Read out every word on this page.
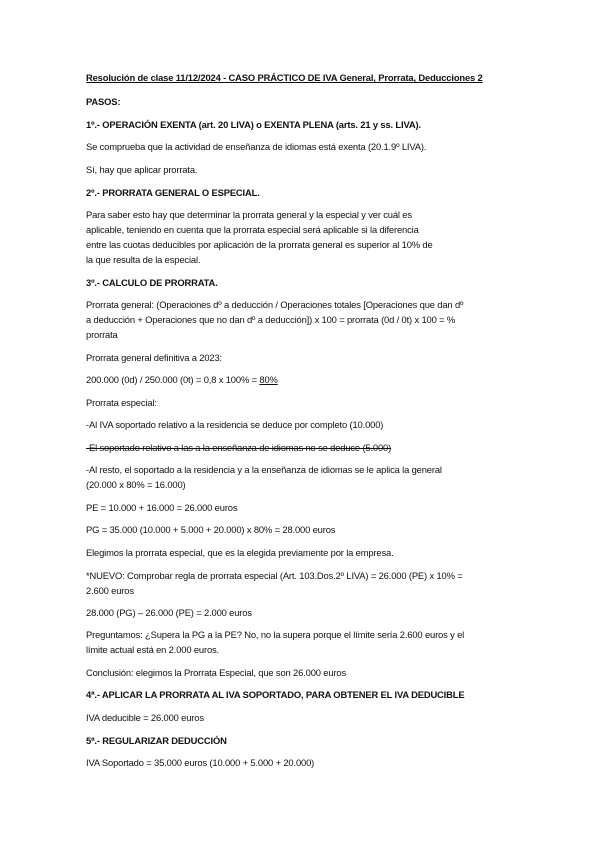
Resolución de clase 11/12/2024 - CASO PRÁCTICO DE IVA General, Prorrata, Deducciones 2

PASOS:

1º.- OPERACIÓN EXENTA (art. 20 LIVA) o EXENTA PLENA (arts. 21 y ss. LIVA).

Se comprueba que la actividad de enseñanza de idiomas está exenta (20.1.9º LIVA).

Sí, hay que aplicar prorrata.

2º.- PRORRATA GENERAL O ESPECIAL.

Para saber esto hay que determinar la prorrata general y la especial y ver cuál es
aplicable, teniendo en cuenta que la prorrata especial será aplicable si la diferencia
entre las cuotas deducibles por aplicación de la prorrata general es superior al 10% de
la que resulta de la especial.

3º.- CALCULO DE PRORRATA.

Prorrata general: (Operaciones dº a deducción / Operaciones totales [Operaciones que dan dº
a deducción + Operaciones que no dan dº a deducción]) x 100 = prorrata (0d / 0t) x 100 = %
prorrata

Prorrata general definitiva a 2023:

200.000 (0d) / 250.000 (0t) = 0,8 x 100% = 80%

Prorrata especial:

-Al IVA soportado relativo a la residencia se deduce por completo (10.000)

-El soportado relativo a las a la enseñanza de idiomas no se deduce (5.000)

-Al resto, el soportado a la residencia y a la enseñanza de idiomas se le aplica la general
(20.000 x 80% = 16.000)

PE = 10.000 + 16.000 = 26.000 euros

PG = 35.000 (10.000 + 5.000 + 20.000) x 80% = 28.000 euros

Elegimos la prorrata especial, que es la elegida previamente por la empresa.

*NUEVO: Comprobar regla de prorrata especial (Art. 103.Dos.2º LIVA) = 26.000 (PE) x 10% =
2.600 euros

28.000 (PG) – 26.000 (PE) = 2.000 euros

Preguntamos: ¿Supera la PG a la PE? No, no la supera porque el límite sería 2.600 euros y el
límite actual está en 2.000 euros.

Conclusión: elegimos la Prorrata Especial, que son 26.000 euros

4ª.- APLICAR LA PRORRATA AL IVA SOPORTADO, PARA OBTENER EL IVA DEDUCIBLE

IVA deducible = 26.000 euros

5ª.- REGULARIZAR DEDUCCIÓN

IVA Soportado = 35.000 euros (10.000 + 5.000 + 20.000)
